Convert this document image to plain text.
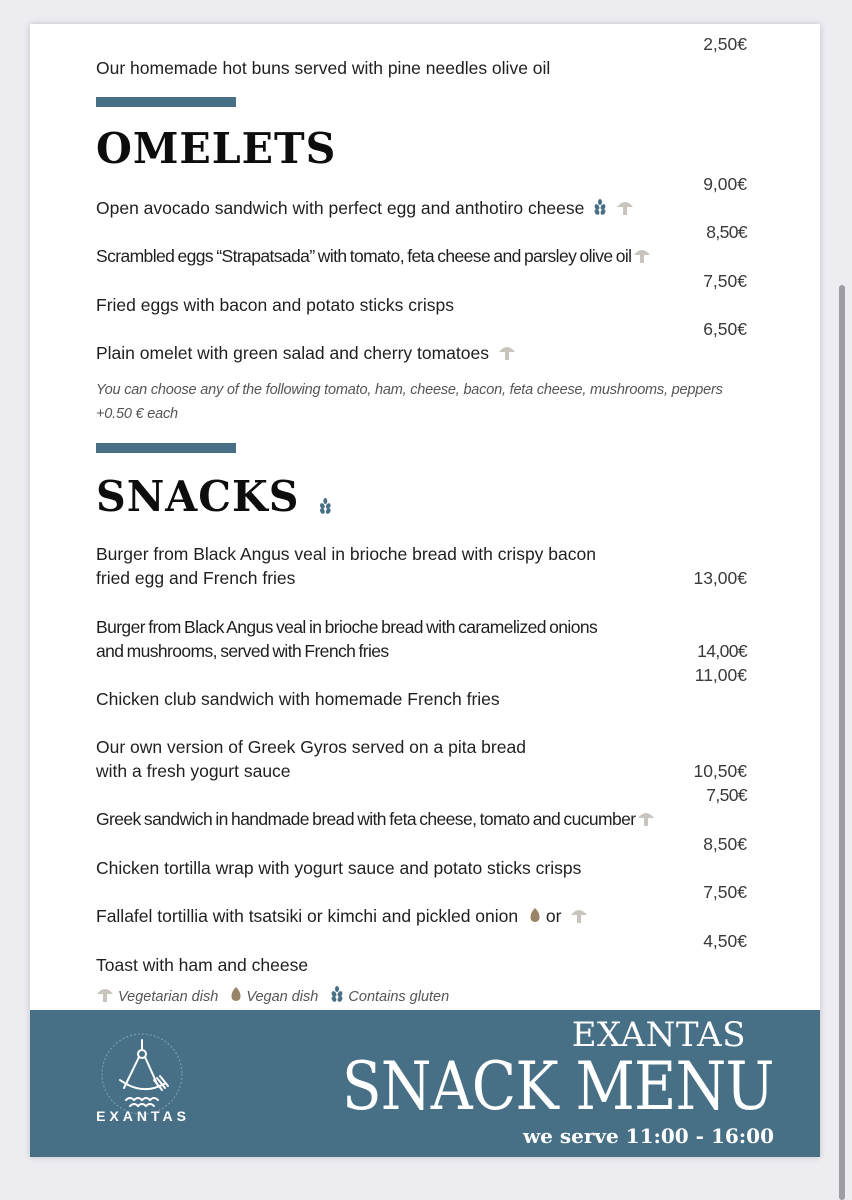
Our homemade hot buns served with pine needles olive oil
2,50€
OMELETS
Open avocado sandwich with perfect egg and anthotiro cheese
9,00€
Scrambled eggs “Strapatsada” with tomato, feta cheese and parsley olive oil
8,50€
Fried eggs with bacon and potato sticks crisps
7,50€
Plain omelet with green salad and cherry tomatoes
6,50€
You can choose any of the following tomato, ham, cheese, bacon, feta cheese, mushrooms, peppers
+0.50 € each
SNACKS
Burger from Black Angus veal in brioche bread with crispy bacon
fried egg and French fries	13,00€
Burger from Black Angus veal in brioche bread with caramelized onions
and mushrooms, served with French fries	14,00€
Chicken club sandwich with homemade French fries
11,00€
Our own version of Greek Gyros served on a pita bread
with a fresh yogurt sauce	10,50€
Greek sandwich in handmade bread with feta cheese, tomato and cucumber
7,50€
Chicken tortilla wrap with yogurt sauce and potato sticks crisps
8,50€
Fallafel tortillia with tsatsiki or kimchi and pickled onion or
7,50€
Toast with ham and cheese
4,50€
Vegetarian dish Vegan dish Contains gluten
EXANTAS
EXANTAS
SNACK MENU
we serve 11:00 - 16:00
